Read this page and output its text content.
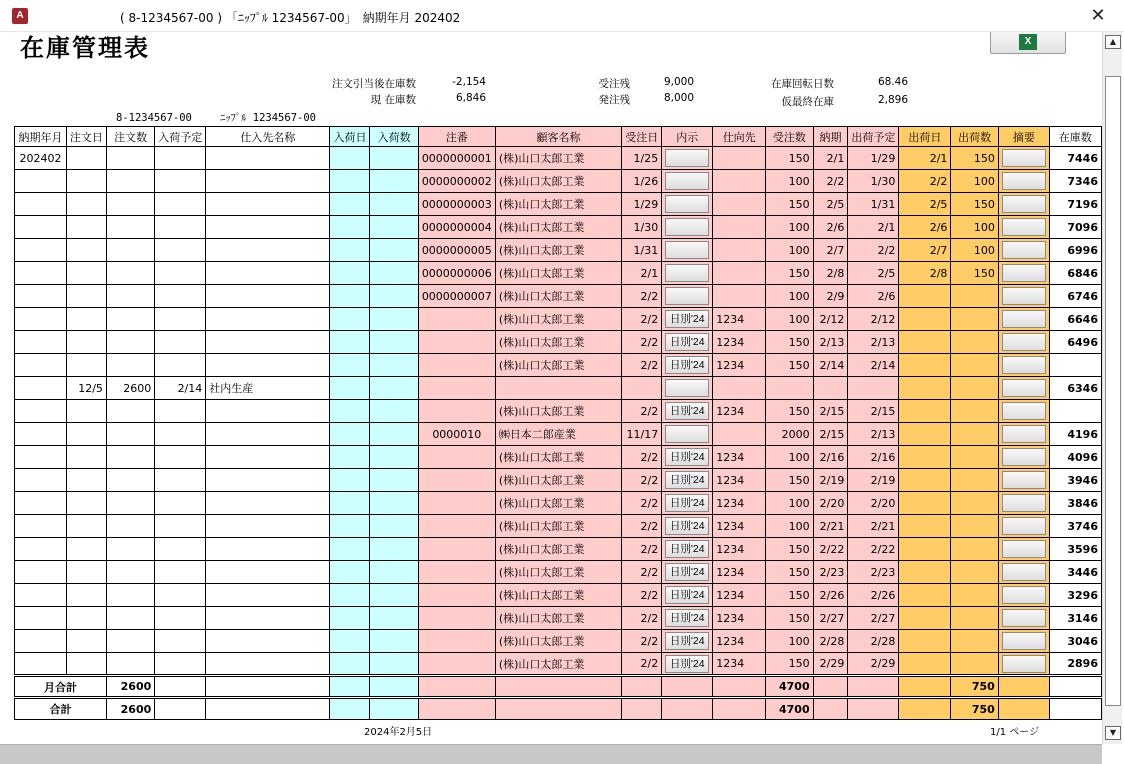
A	( 8-1234567-00 ) 「ﾆｯﾌﾟﾙ 1234567-00」　納期年月 202402	✕
在庫管理表	X
注文引当後在庫数	-2,154
現 在庫数	6,846
受注残	9,000
発注残	8,000
在庫回転日数	68.46
仮最終在庫	2,896
8-1234567-00	ﾆｯﾌﾟﾙ 1234567-00
納期年月	注文日	注文数	入荷予定	仕入先名称	入荷日	入荷数	注番	顧客名称	受注日	内示	仕向先	受注数	納期	出荷予定	出荷日	出荷数	摘要	在庫数
202402							0000000001	(株)山口太郎工業	1/25			150	2/1	1/29	2/1	150		7446
							0000000002	(株)山口太郎工業	1/26			100	2/2	1/30	2/2	100		7346
							0000000003	(株)山口太郎工業	1/29			150	2/5	1/31	2/5	150		7196
							0000000004	(株)山口太郎工業	1/30			100	2/6	2/1	2/6	100		7096
							0000000005	(株)山口太郎工業	1/31			100	2/7	2/2	2/7	100		6996
							0000000006	(株)山口太郎工業	2/1			150	2/8	2/5	2/8	150		6846
							0000000007	(株)山口太郎工業	2/2			100	2/9	2/6				6746
								(株)山口太郎工業	2/2	日別'24	1234	100	2/12	2/12				6646
								(株)山口太郎工業	2/2	日別'24	1234	150	2/13	2/13				6496
								(株)山口太郎工業	2/2	日別'24	1234	150	2/14	2/14				
	12/5	2600	2/14	社内生産														6346
								(株)山口太郎工業	2/2	日別'24	1234	150	2/15	2/15				
							0000010	㈱日本二郎産業	11/17			2000	2/15	2/13				4196
								(株)山口太郎工業	2/2	日別'24	1234	100	2/16	2/16				4096
								(株)山口太郎工業	2/2	日別'24	1234	150	2/19	2/19				3946
								(株)山口太郎工業	2/2	日別'24	1234	100	2/20	2/20				3846
								(株)山口太郎工業	2/2	日別'24	1234	100	2/21	2/21				3746
								(株)山口太郎工業	2/2	日別'24	1234	150	2/22	2/22				3596
								(株)山口太郎工業	2/2	日別'24	1234	150	2/23	2/23				3446
								(株)山口太郎工業	2/2	日別'24	1234	150	2/26	2/26				3296
								(株)山口太郎工業	2/2	日別'24	1234	150	2/27	2/27				3146
								(株)山口太郎工業	2/2	日別'24	1234	100	2/28	2/28				3046
								(株)山口太郎工業	2/2	日別'24	1234	150	2/29	2/29				2896
月合計		2600										4700				750		
合計		2600										4700				750		
2024年2月5日	1/1 ページ
▲
▼
